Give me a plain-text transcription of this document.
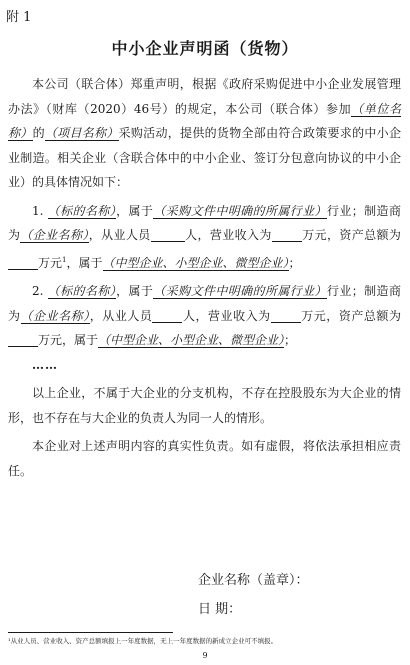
附 1
中小企业声明函（货物）

本公司（联合体）郑重声明，根据《政府采购促进中小企业发展管理办法》（财库（2020）46号）的规定，本公司（联合体）参加（单位名称）的（项目名称）采购活动，提供的货物全部由符合政策要求的中小企业制造。相关企业（含联合体中的中小企业、签订分包意向协议的中小企业）的具体情况如下：

1. （标的名称），属于（采购文件中明确的所属行业）行业；制造商为（企业名称），从业人员	人，营业收入为	万元，资产总额为万元$^1$，属于（中型企业、小型企业、微型企业）；

2. （标的名称），属于（采购文件中明确的所属行业）行业；制造商为（企业名称），从业人员	人，营业收入为	万元，资产总额为万元，属于（中型企业、小型企业、微型企业）；

……

以上企业，不属于大企业的分支机构，不存在控股股东为大企业的情形，也不存在与大企业的负责人为同一人的情形。

本企业对上述声明内容的真实性负责。如有虚假，将依法承担相应责任。

企业名称（盖章）：
日 期：
¹从业人员、营业收入、资产总额填报上一年度数据，无上一年度数据的新成立企业可不填报。
9
